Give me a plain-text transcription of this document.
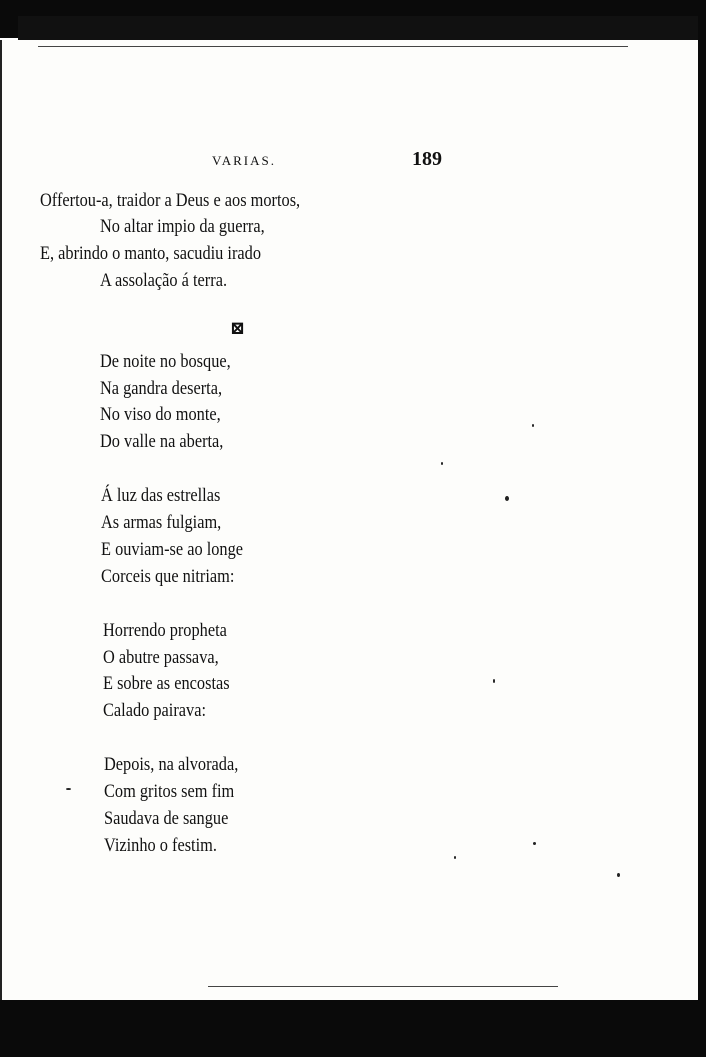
VARIAS.	189
Offertou-a, traidor a Deus e aos mortos,
No altar impio da guerra,
E, abrindo o manto, sacudiu irado
A assolação á terra.
⊠
De noite no bosque,
Na gandra deserta,
No viso do monte,
Do valle na aberta,
Á luz das estrellas
As armas fulgiam,
E ouviam-se ao longe
Corceis que nitriam:
Horrendo propheta
O abutre passava,
E sobre as encostas
Calado pairava:
Depois, na alvorada,
Com gritos sem fim
Saudava de sangue
Vizinho o festim.
